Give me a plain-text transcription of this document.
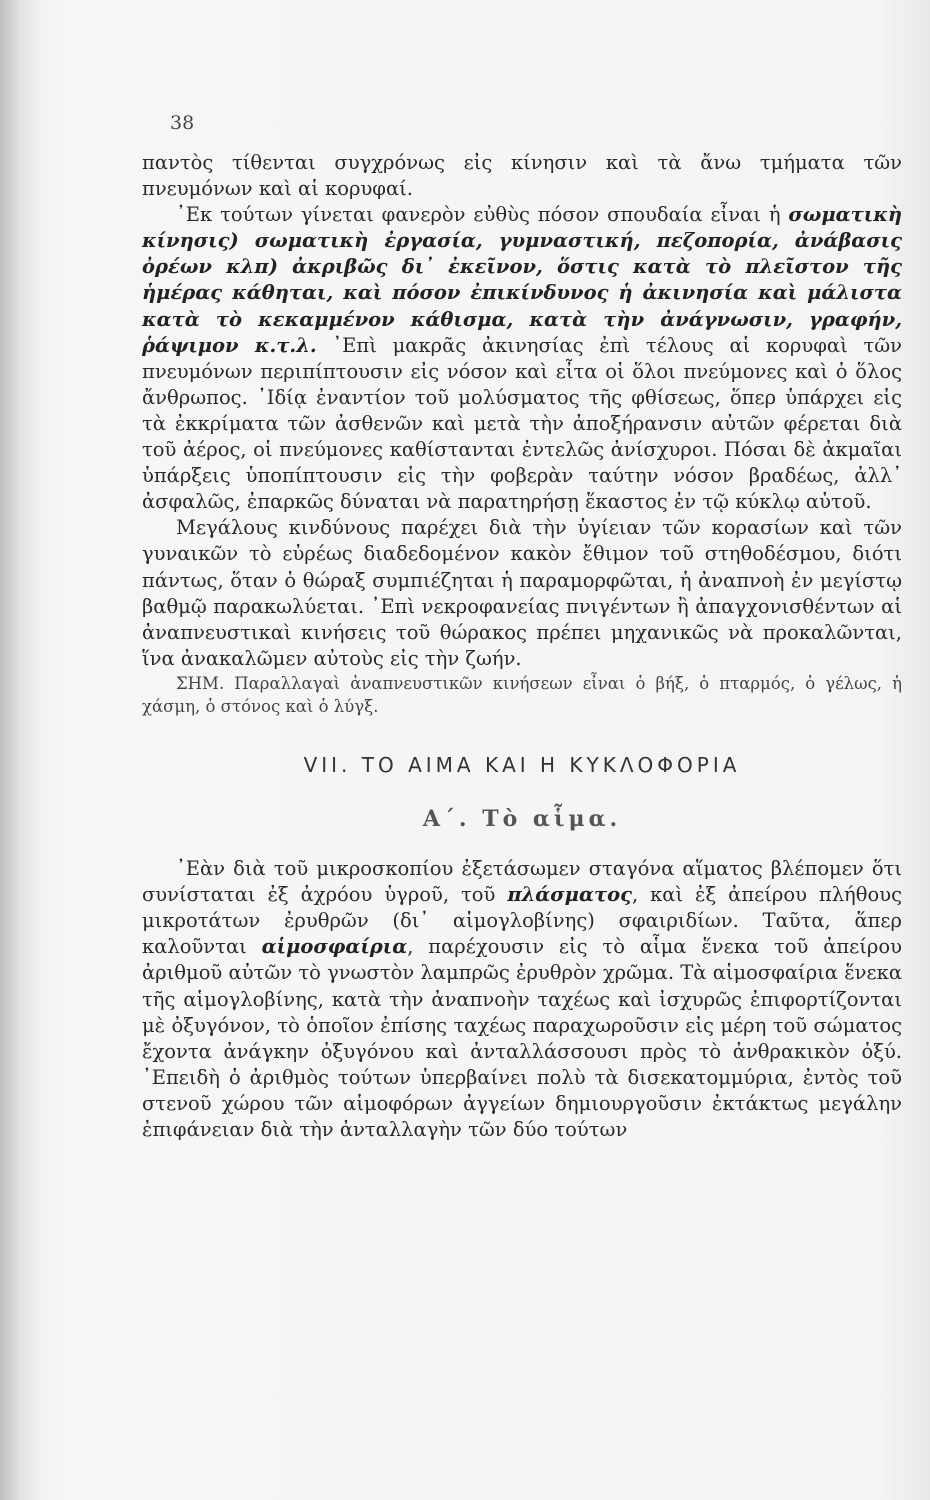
38

παντὸς τίθενται συγχρόνως εἰς κίνησιν καὶ τὰ ἄνω τμήματα τῶν πνευμόνων καὶ αἱ κορυφαί.

᾿Εκ τούτων γίνεται φανερὸν εὐθὺς πόσον σπουδαία εἶναι ἡ σωματικὴ κίνησις) σωματικὴ ἐργασία, γυμναστική, πεζοπορία, ἀνάβασις ὀρέων κλπ) ἀκριβῶς δι᾿ ἐκεῖνον, ὅστις κατὰ τὸ πλεῖστον τῆς ἡμέρας κάθηται, καὶ πόσον ἐπικίνδυνος ἡ ἀκινησία καὶ μάλιστα κατὰ τὸ κεκαμμένον κάθισμα, κατὰ τὴν ἀνάγνωσιν, γραφήν, ῥάψιμον κ.τ.λ. ᾿Επὶ μακρᾶς ἀκινησίας ἐπὶ τέλους αἱ κορυφαὶ τῶν πνευμόνων περιπίπτουσιν εἰς νόσον καὶ εἶτα οἱ ὅλοι πνεύμονες καὶ ὁ ὅλος ἄνθρωπος. ᾿Ιδίᾳ ἐναντίον τοῦ μολύσματος τῆς φθίσεως, ὅπερ ὑπάρχει εἰς τὰ ἐκκρίματα τῶν ἀσθενῶν καὶ μετὰ τὴν ἀποξήρανσιν αὐτῶν φέρεται διὰ τοῦ ἀέρος, οἱ πνεύμονες καθίστανται ἐντελῶς ἀνίσχυροι. Πόσαι δὲ ἀκμαῖαι ὑπάρξεις ὑποπίπτουσιν εἰς τὴν φοβερὰν ταύτην νόσον βραδέως, ἀλλ᾿ ἀσφαλῶς, ἐπαρκῶς δύναται νὰ παρατηρήσῃ ἕκαστος ἐν τῷ κύκλῳ αὐτοῦ.

Μεγάλους κινδύνους παρέχει διὰ τὴν ὑγίειαν τῶν κορασίων καὶ τῶν γυναικῶν τὸ εὐρέως διαδεδομένον κακὸν ἔθιμον τοῦ στηθοδέσμου, διότι πάντως, ὅταν ὁ θώραξ συμπιέζηται ἡ παραμορφῶται, ἡ ἀναπνοὴ ἐν μεγίστῳ βαθμῷ παρακωλύεται. ᾿Επὶ νεκροφανείας πνιγέντων ἢ ἀπαγχονισθέντων αἱ ἀναπνευστικαὶ κινήσεις τοῦ θώρακος πρέπει μηχανικῶς νὰ προκαλῶνται, ἵνα ἀνακαλῶμεν αὐτοὺς εἰς τὴν ζωήν.

ΣΗΜ. Παραλλαγαὶ ἀναπνευστικῶν κινήσεων εἶναι ὁ βήξ, ὁ πταρμός, ὁ γέλως, ἡ χάσμη, ὁ στόνος καὶ ὁ λύγξ.

VII. ΤΟ ΑΙΜΑ ΚΑΙ Η ΚΥΚΛΟΦΟΡΙΑ
Α΄. Τὸ αἷμα.

᾿Εὰν διὰ τοῦ μικροσκοπίου ἐξετάσωμεν σταγόνα αἵματος βλέπομεν ὅτι συνίσταται ἐξ ἀχρόου ὑγροῦ, τοῦ πλάσματος, καὶ ἐξ ἀπείρου πλήθους μικροτάτων ἐρυθρῶν (δι᾿ αἱμογλοβίνης) σφαιριδίων. Ταῦτα, ἅπερ καλοῦνται αἱμοσφαίρια, παρέχουσιν εἰς τὸ αἷμα ἕνεκα τοῦ ἀπείρου ἀριθμοῦ αὐτῶν τὸ γνωστὸν λαμπρῶς ἐρυθρὸν χρῶμα. Τὰ αἱμοσφαίρια ἕνεκα τῆς αἱμογλοβίνης, κατὰ τὴν ἀναπνοὴν ταχέως καὶ ἰσχυρῶς ἐπιφορτίζονται μὲ ὀξυγόνον, τὸ ὁποῖον ἐπίσης ταχέως παραχωροῦσιν εἰς μέρη τοῦ σώματος ἔχοντα ἀνάγκην ὀξυγόνου καὶ ἀνταλλάσσουσι πρὸς τὸ ἀνθρακικὸν ὀξύ. ᾿Επειδὴ ὁ ἀριθμὸς τούτων ὑπερβαίνει πολὺ τὰ δισεκατομμύρια, ἐντὸς τοῦ στενοῦ χώρου τῶν αἱμοφόρων ἀγγείων δημιουργοῦσιν ἐκτάκτως μεγάλην ἐπιφάνειαν διὰ τὴν ἀνταλλαγὴν τῶν δύο τούτων
